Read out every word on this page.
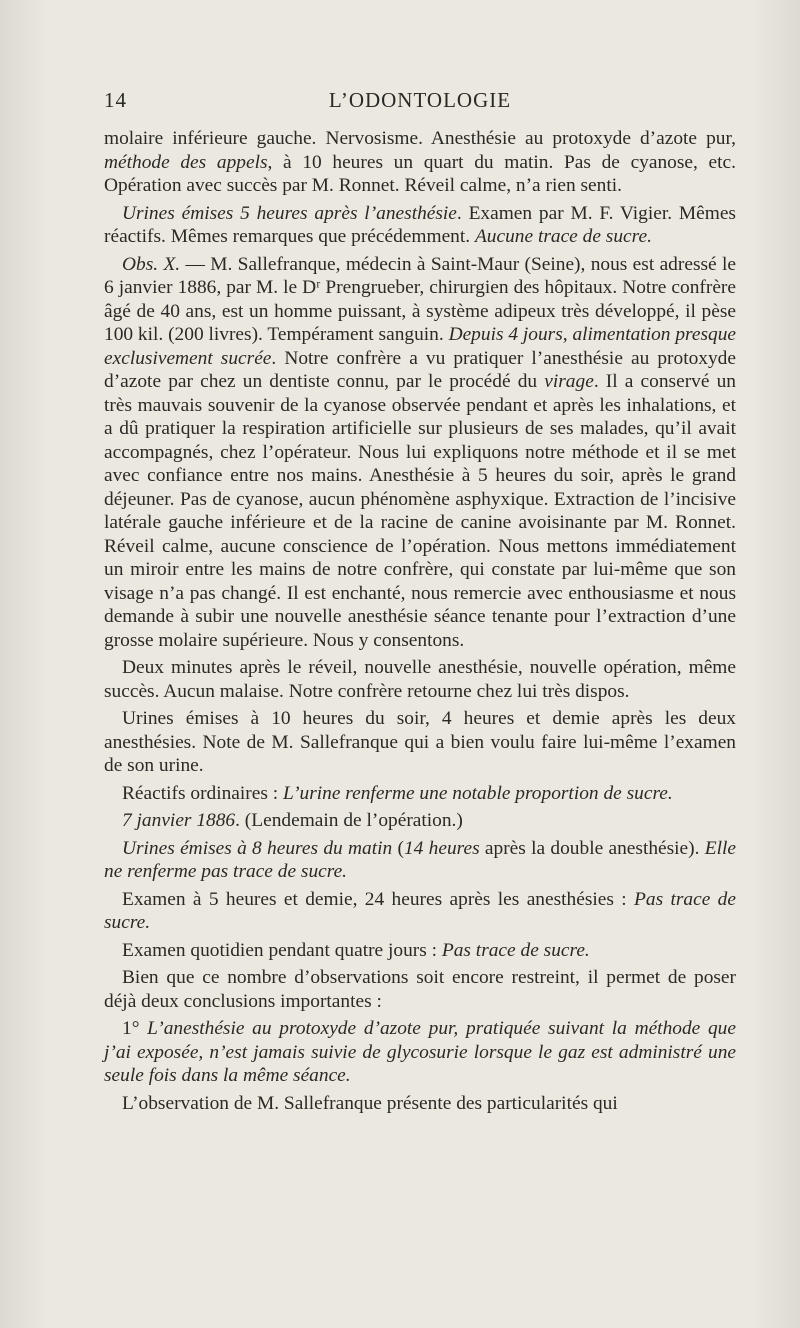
14	L’ODONTOLOGIE

molaire inférieure gauche. Nervosisme. Anesthésie au protoxyde d’azote pur, méthode des appels, à 10 heures un quart du matin. Pas de cyanose, etc. Opération avec succès par M. Ronnet. Réveil calme, n’a rien senti.

Urines émises 5 heures après l’anesthésie. Examen par M. F. Vigier. Mêmes réactifs. Mêmes remarques que précédemment. Aucune trace de sucre.

Obs. X. — M. Sallefranque, médecin à Saint-Maur (Seine), nous est adressé le 6 janvier 1886, par M. le Dʳ Prengrueber, chirurgien des hôpitaux. Notre confrère âgé de 40 ans, est un homme puissant, à système adipeux très développé, il pèse 100 kil. (200 livres). Tempérament sanguin. Depuis 4 jours, alimentation presque exclusivement sucrée. Notre confrère a vu pratiquer l’anesthésie au protoxyde d’azote par chez un dentiste connu, par le procédé du virage. Il a conservé un très mauvais souvenir de la cyanose observée pendant et après les inhalations, et a dû pratiquer la respiration artificielle sur plusieurs de ses malades, qu’il avait accompagnés, chez l’opérateur. Nous lui expliquons notre méthode et il se met avec confiance entre nos mains. Anesthésie à 5 heures du soir, après le grand déjeuner. Pas de cyanose, aucun phénomène asphyxique. Extraction de l’incisive latérale gauche inférieure et de la racine de canine avoisinante par M. Ronnet. Réveil calme, aucune conscience de l’opération. Nous mettons immédiatement un miroir entre les mains de notre confrère, qui constate par lui-même que son visage n’a pas changé. Il est enchanté, nous remercie avec enthousiasme et nous demande à subir une nouvelle anesthésie séance tenante pour l’extraction d’une grosse molaire supérieure. Nous y consentons.

Deux minutes après le réveil, nouvelle anesthésie, nouvelle opération, même succès. Aucun malaise. Notre confrère retourne chez lui très dispos.

Urines émises à 10 heures du soir, 4 heures et demie après les deux anesthésies. Note de M. Sallefranque qui a bien voulu faire lui-même l’examen de son urine.

Réactifs ordinaires : L’urine renferme une notable proportion de sucre.

7 janvier 1886. (Lendemain de l’opération.)

Urines émises à 8 heures du matin (14 heures après la double anesthésie). Elle ne renferme pas trace de sucre.

Examen à 5 heures et demie, 24 heures après les anesthésies : Pas trace de sucre.

Examen quotidien pendant quatre jours : Pas trace de sucre.

Bien que ce nombre d’observations soit encore restreint, il permet de poser déjà deux conclusions importantes :

1° L’anesthésie au protoxyde d’azote pur, pratiquée suivant la méthode que j’ai exposée, n’est jamais suivie de glycosurie lorsque le gaz est administré une seule fois dans la même séance.

L’observation de M. Sallefranque présente des particularités qui
